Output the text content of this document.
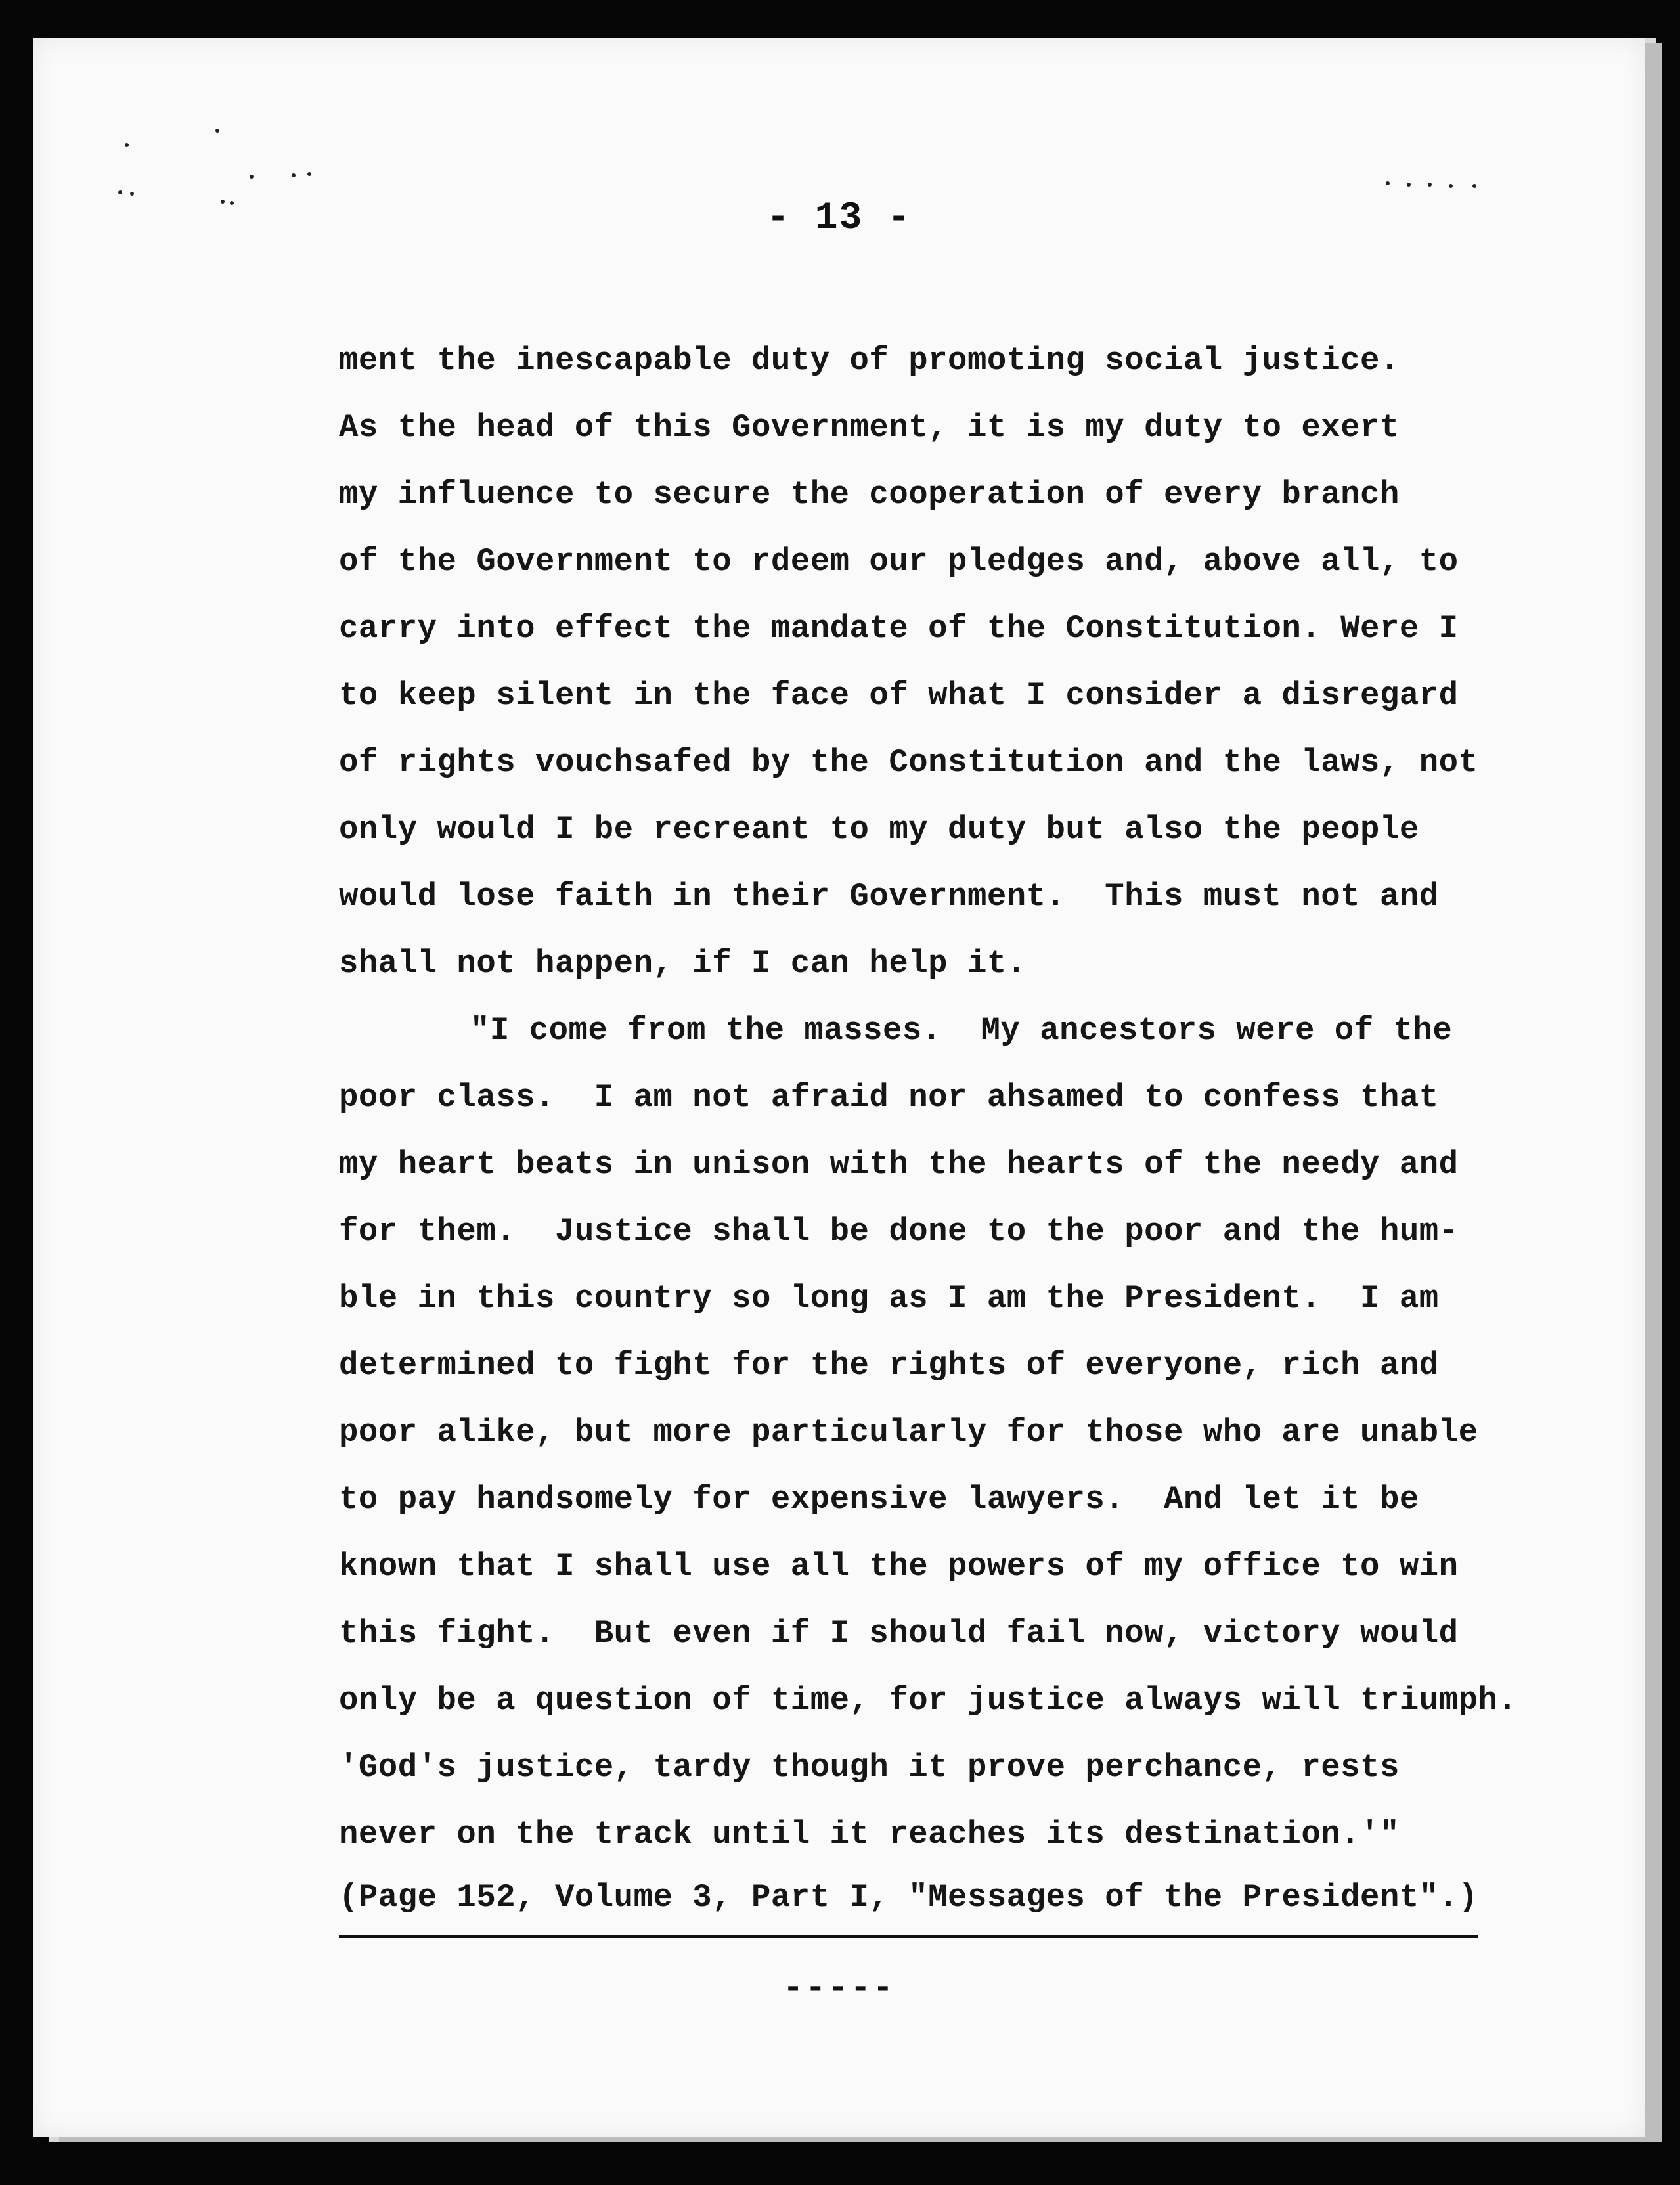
- 13 -
ment the inescapable duty of promoting social justice.
As the head of this Government, it is my duty to exert
my influence to secure the cooperation of every branch
of the Government to rdeem our pledges and, above all, to
carry into effect the mandate of the Constitution. Were I
to keep silent in the face of what I consider a disregard
of rights vouchsafed by the Constitution and the laws, not
only would I be recreant to my duty but also the people
would lose faith in their Government.  This must not and
shall not happen, if I can help it.
"I come from the masses.  My ancestors were of the
poor class.  I am not afraid nor ahsamed to confess that
my heart beats in unison with the hearts of the needy and
for them.  Justice shall be done to the poor and the hum-
ble in this country so long as I am the President.  I am
determined to fight for the rights of everyone, rich and
poor alike, but more particularly for those who are unable
to pay handsomely for expensive lawyers.  And let it be
known that I shall use all the powers of my office to win
this fight.  But even if I should fail now, victory would
only be a question of time, for justice always will triumph.
'God's justice, tardy though it prove perchance, rests
never on the track until it reaches its destination.'"
(Page 152, Volume 3, Part I, "Messages of the President".)
-----
